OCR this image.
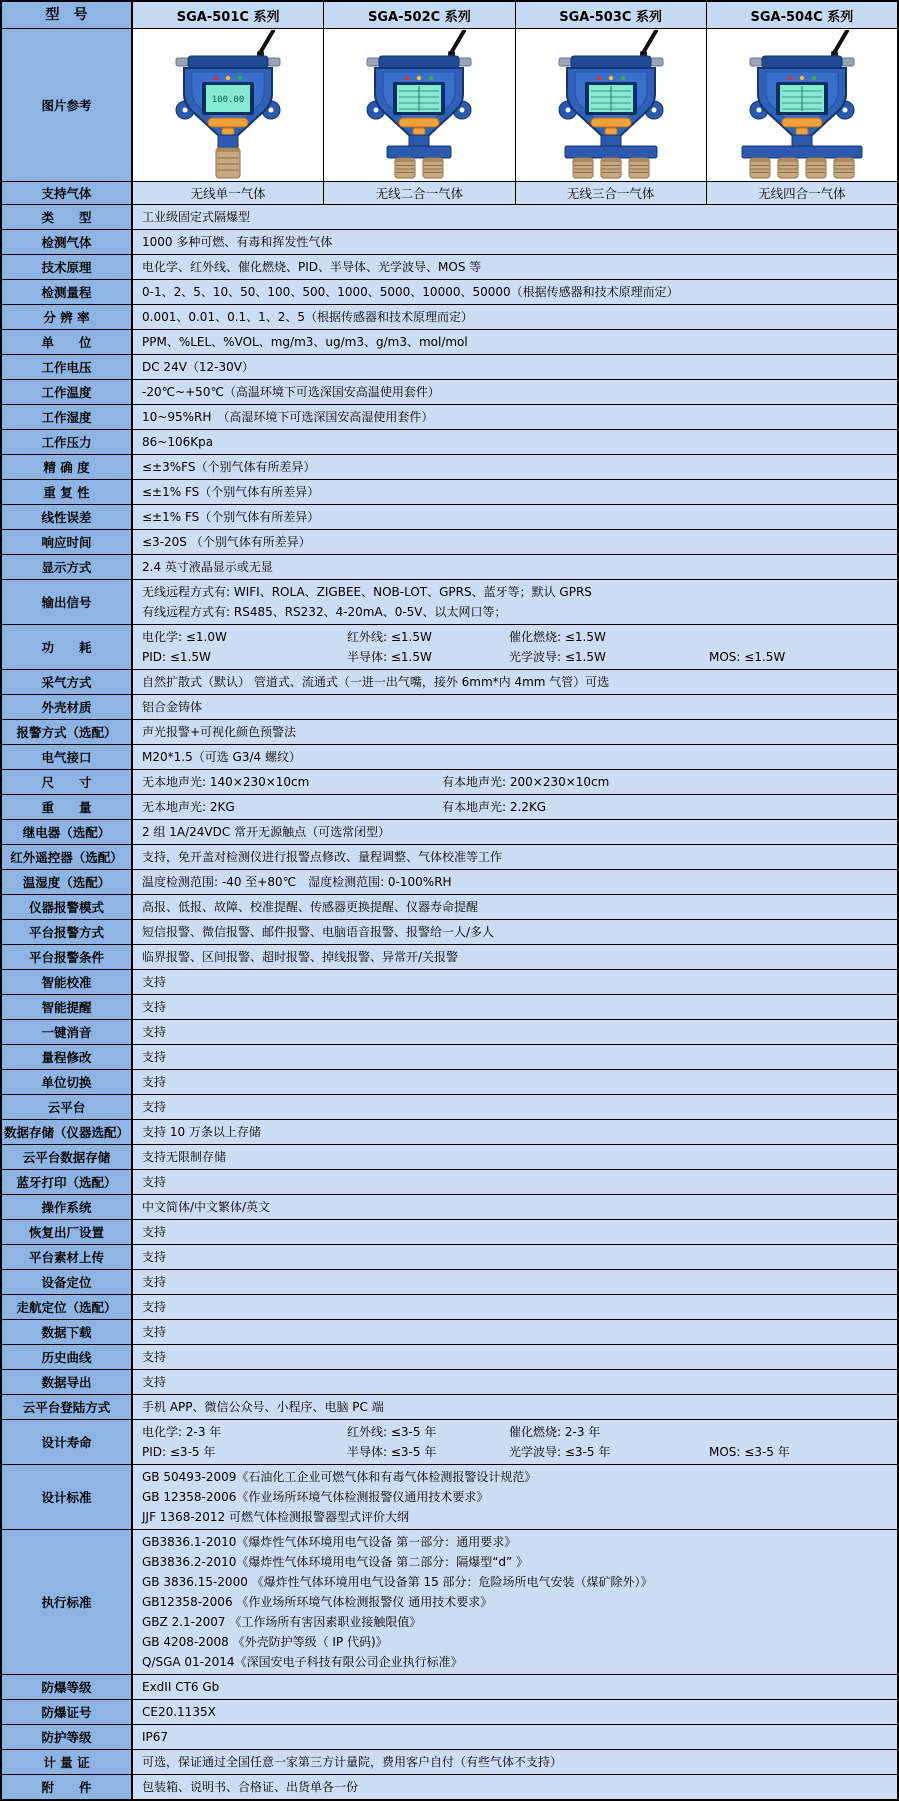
型　号	SGA-501C 系列	SGA-502C 系列	SGA-503C 系列	SGA-504C 系列
图片参考	100.00
支持气体	无线单一气体	无线二合一气体	无线三合一气体	无线四合一气体
类　　型	工业级固定式隔爆型
检测气体	1000 多种可燃、有毒和挥发性气体
技术原理	电化学、红外线、催化燃烧、PID、半导体、光学波导、MOS 等
检测量程	0-1、2、5、10、50、100、500、1000、5000、10000、50000（根据传感器和技术原理而定）
分 辨 率	0.001、0.01、0.1、1、2、5（根据传感器和技术原理而定）
单　　位	PPM、%LEL、%VOL、mg/m3、ug/m3、g/m3、mol/mol
工作电压	DC 24V（12-30V）
工作温度	-20℃~+50℃（高温环境下可选深国安高温使用套件）
工作湿度	10~95%RH　（高湿环境下可选深国安高湿使用套件）
工作压力	86~106Kpa
精 确 度	≤±3%FS（个别气体有所差异）
重 复 性	≤±1% FS（个别气体有所差异）
线性误差	≤±1% FS（个别气体有所差异）
响应时间	≤3-20S （个别气体有所差异）
显示方式	2.4 英寸液晶显示或无显
输出信号
无线远程方式有: WIFI、ROLA、ZIGBEE、NOB-LOT、GPRS、蓝牙等；默认 GPRS
有线远程方式有: RS485、RS232、4-20mA、0-5V、以太网口等；
功　　耗
电化学: ≤1.0W	红外线: ≤1.5W	催化燃烧: ≤1.5W
PID: ≤1.5W	半导体: ≤1.5W	光学波导: ≤1.5W	MOS: ≤1.5W
采气方式	自然扩散式（默认） 管道式、流通式（一进一出气嘴，接外 6mm*内 4mm 气管）可选
外壳材质	铝合金铸体
报警方式（选配）	声光报警+可视化颜色预警法
电气接口	M20*1.5（可选 G3/4 螺纹）
尺　　寸	无本地声光: 140×230×10cm	有本地声光: 200×230×10cm
重　　量	无本地声光: 2KG	有本地声光: 2.2KG
继电器（选配）	2 组 1A/24VDC 常开无源触点（可选常闭型）
红外遥控器（选配）	支持，免开盖对检测仪进行报警点修改、量程调整、气体校准等工作
温湿度（选配）	温度检测范围: -40 至+80℃　湿度检测范围: 0-100%RH
仪器报警模式	高报、低报、故障、校准提醒、传感器更换提醒、仪器寿命提醒
平台报警方式	短信报警、微信报警、邮件报警、电脑语音报警、报警给一人/多人
平台报警条件	临界报警、区间报警、超时报警、掉线报警、异常开/关报警
智能校准	支持
智能提醒	支持
一键消音	支持
量程修改	支持
单位切换	支持
云平台	支持
数据存储（仪器选配）	支持 10 万条以上存储
云平台数据存储	支持无限制存储
蓝牙打印（选配）	支持
操作系统	中文简体/中文繁体/英文
恢复出厂设置	支持
平台素材上传	支持
设备定位	支持
走航定位（选配）	支持
数据下载	支持
历史曲线	支持
数据导出	支持
云平台登陆方式	手机 APP、微信公众号、小程序、电脑 PC 端
设计寿命
电化学: 2-3 年	红外线: ≤3-5 年	催化燃烧: 2-3 年
PID: ≤3-5 年	半导体: ≤3-5 年	光学波导: ≤3-5 年	MOS: ≤3-5 年
设计标准
GB 50493-2009《石油化工企业可燃气体和有毒气体检测报警设计规范》
GB 12358-2006《作业场所环境气体检测报警仪通用技术要求》
JJF 1368-2012 可燃气体检测报警器型式评价大纲
执行标准
GB3836.1-2010《爆炸性气体环境用电气设备 第一部分：通用要求》
GB3836.2-2010《爆炸性气体环境用电气设备 第二部分：隔爆型“d” 》
GB 3836.15-2000 《爆炸性气体环境用电气设备第 15 部分：危险场所电气安装（煤矿除外）》
GB12358-2006 《作业场所环境气体检测报警仪 通用技术要求》
GBZ 2.1-2007 《工作场所有害因素职业接触限值》
GB 4208-2008 《外壳防护等级（ IP 代码)》
Q/SGA 01-2014《深国安电子科技有限公司企业执行标准》
防爆等级	ExdII CT6 Gb
防爆证号	CE20.1135X
防护等级	IP67
计 量 证	可选，保证通过全国任意一家第三方计量院，费用客户自付（有些气体不支持）
附　　件	包装箱、说明书、合格证、出货单各一份
